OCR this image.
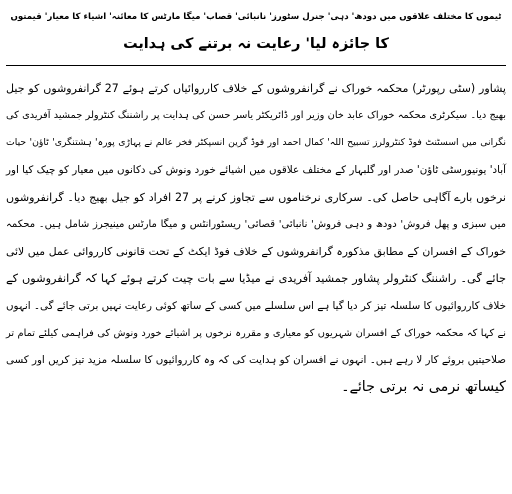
ٹیموں کا مختلف علاقوں میں دودھ' دہی' جنرل سٹورز' نانبائی' قصاب' میگا مارٹس کا معائنہ' اشیاء کا معیار' قیمتوں
کا جائزہ لیا' رعایت نہ برتنے کی ہدایت
پشاور (سٹی رپورٹر) محکمہ خوراک نے گرانفروشوں کے خلاف کارروائیاں کرتے ہوئے 27 گرانفروشوں کو جیل
بھیج دیا۔ سیکرٹری محکمہ خوراک عابد خان وزیر اور ڈائریکٹر یاسر حسن کی ہدایت پر راشننگ کنٹرولر جمشید آفریدی کی
نگرانی میں اسسٹنٹ فوڈ کنٹرولرز تسبیح اللہ' کمال احمد اور فوڈ گرین انسپکٹر فخر عالم نے پہاڑی پورہ' ہشتنگری' ٹاؤن' حیات
آباد' یونیورسٹی ٹاؤن' صدر اور گلبہار کے مختلف علاقوں میں اشیائے خورد ونوش کی دکانوں میں معیار کو چیک کیا اور
نرخوں بارے آگاہی حاصل کی۔ سرکاری نرخناموں سے تجاوز کرنے پر 27 افراد کو جیل بھیج دیا۔ گرانفروشوں
میں سبزی و پھل فروش' دودھ و دہی فروش' نانبائی' قصائی' ریسٹورانٹس و میگا مارٹس مینیجرز شامل ہیں۔ محکمہ
خوراک کے افسران کے مطابق مذکورہ گرانفروشوں کے خلاف فوڈ ایکٹ کے تحت قانونی کارروائی عمل میں لائی
جائے گی۔ راشننگ کنٹرولر پشاور جمشید آفریدی نے میڈیا سے بات چیت کرتے ہوئے کہا کہ گرانفروشوں کے
خلاف کارروائیوں کا سلسلہ تیز کر دیا گیا ہے اس سلسلے میں کسی کے ساتھ کوئی رعایت نہیں برتی جائے گی۔ انہوں
نے کہا کہ محکمہ خوراک کے افسران شہریوں کو معیاری و مقررہ نرخوں پر اشیائے خورد ونوش کی فراہمی کیلئے تمام تر
صلاحیتیں بروئے کار لا رہے ہیں۔ انہوں نے افسران کو ہدایت کی کہ وہ کارروائیوں کا سلسلہ مزید تیز کریں اور کسی
کیساتھ نرمی نہ برتی جائے۔
